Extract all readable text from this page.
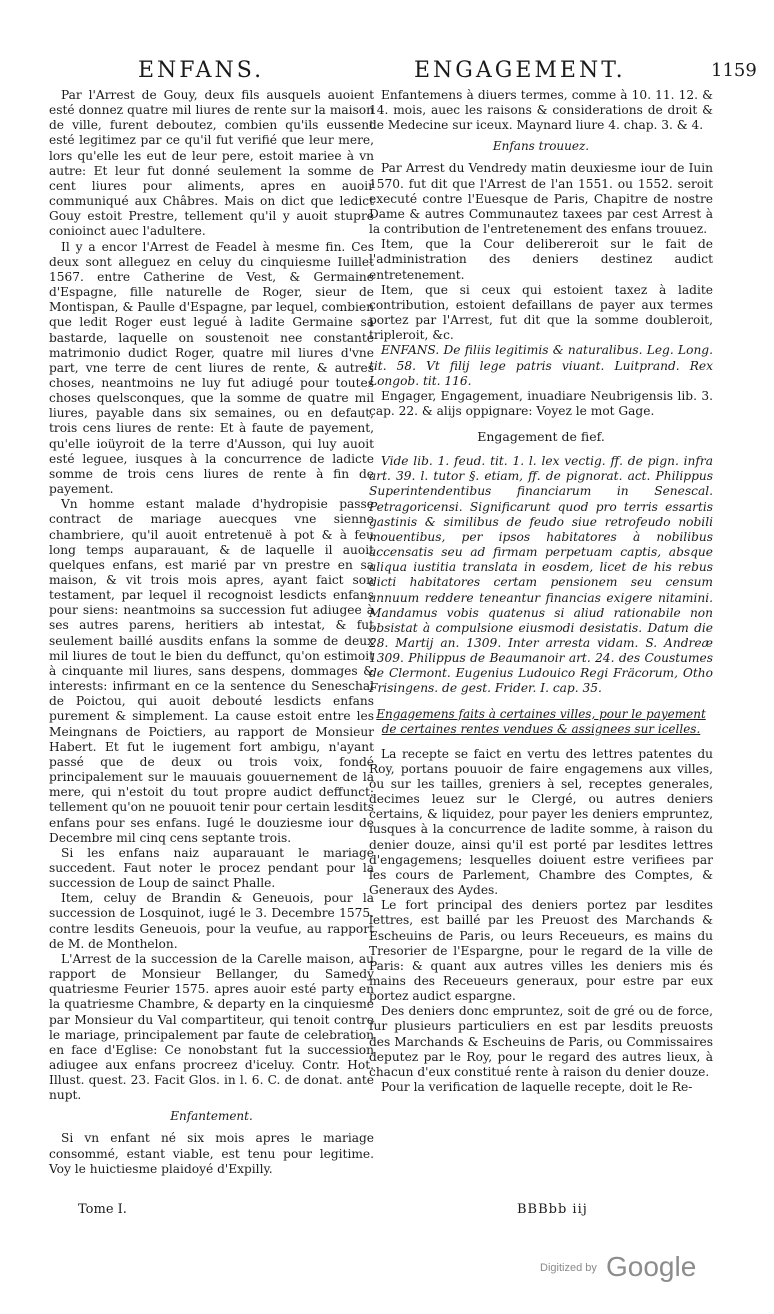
ENFANS.	ENGAGEMENT.	1159

Par l'Arrest de Gouy, deux fils ausquels auoient esté donnez quatre mil liures de rente sur la maison de ville, furent deboutez, combien qu'ils eussent esté legitimez par ce qu'il fut verifié que leur mere, lors qu'elle les eut de leur pere, estoit mariee à vn autre: Et leur fut donné seulement la somme de cent liures pour aliments, apres en auoir communiqué aux Châbres. Mais on dict que ledict Gouy estoit Prestre, tellement qu'il y auoit stupre conioinct auec l'adultere.

Il y a encor l'Arrest de Feadel à mesme fin. Ces deux sont alleguez en celuy du cinquiesme Iuillet 1567. entre Catherine de Vest, & Germaine d'Espagne, fille naturelle de Roger, sieur de Montispan, & Paulle d'Espagne, par lequel, combien que ledit Roger eust legué à ladite Germaine sa bastarde, laquelle on soustenoit nee constante matrimonio dudict Roger, quatre mil liures d'vne part, vne terre de cent liures de rente, & autres choses, neantmoins ne luy fut adiugé pour toutes choses quelsconques, que la somme de quatre mil liures, payable dans six semaines, ou en defaut, trois cens liures de rente: Et à faute de payement, qu'elle ioüyroit de la terre d'Ausson, qui luy auoit esté leguee, iusques à la concurrence de ladicte somme de trois cens liures de rente à fin de payement.

Vn homme estant malade d'hydropisie passe contract de mariage auecques vne sienne chambriere, qu'il auoit entretenuë à pot & à feu long temps auparauant, & de laquelle il auoit quelques enfans, est marié par vn prestre en sa maison, & vit trois mois apres, ayant faict son testament, par lequel il recognoist lesdicts enfans pour siens: neantmoins sa succession fut adiugee à ses autres parens, heritiers ab intestat, & fut seulement baillé ausdits enfans la somme de deux mil liures de tout le bien du deffunct, qu'on estimoit à cinquante mil liures, sans despens, dommages & interests: infirmant en ce la sentence du Seneschal de Poictou, qui auoit debouté lesdicts enfans purement & simplement. La cause estoit entre les Meingnans de Poictiers, au rapport de Monsieur Habert. Et fut le iugement fort ambigu, n'ayant passé que de deux ou trois voix, fondé principalement sur le mauuais gouuernement de la mere, qui n'estoit du tout propre audict deffunct: tellement qu'on ne pouuoit tenir pour certain lesdits enfans pour ses enfans. Iugé le douziesme iour de Decembre mil cinq cens septante trois.

Si les enfans naiz auparauant le mariage succedent. Faut noter le procez pendant pour la succession de Loup de sainct Phalle.

Item, celuy de Brandin & Geneuois, pour la succession de Losquinot, iugé le 3. Decembre 1575. contre lesdits Geneuois, pour la veufue, au rapport de M. de Monthelon.

L'Arrest de la succession de la Carelle maison, au rapport de Monsieur Bellanger, du Samedy quatriesme Feurier 1575. apres auoir esté party en la quatriesme Chambre, & departy en la cinquiesme par Monsieur du Val compartiteur, qui tenoit contre le mariage, principalement par faute de celebration en face d'Eglise: Ce nonobstant fut la succession adiugee aux enfans procreez d'iceluy. Contr. Hot. Illust. quest. 23. Facit Glos. in l. 6. C. de donat. ante nupt.

Enfantement.

Si vn enfant né six mois apres le mariage consommé, estant viable, est tenu pour legitime. Voy le huictiesme plaidoyé d'Expilly.

Enfantemens à diuers termes, comme à 10. 11. 12. & 14. mois, auec les raisons & considerations de droit & de Medecine sur iceux. Maynard liure 4. chap. 3. & 4.

Enfans trouuez.

Par Arrest du Vendredy matin deuxiesme iour de Iuin 1570. fut dit que l'Arrest de l'an 1551. ou 1552. seroit executé contre l'Euesque de Paris, Chapitre de nostre Dame & autres Communautez taxees par cest Arrest à la contribution de l'entretenement des enfans trouuez.

Item, que la Cour delibereroit sur le fait de l'administration des deniers destinez audict entretenement.

Item, que si ceux qui estoient taxez à ladite contribution, estoient defaillans de payer aux termes portez par l'Arrest, fut dit que la somme doubleroit, tripleroit, &c.

ENFANS. De filiis legitimis & naturalibus. Leg. Long. tit. 58. Vt filij lege patris viuant. Luitprand. Rex Longob. tit. 116.

Engager, Engagement, inuadiare Neubrigensis lib. 3. cap. 22. & alijs oppignare: Voyez le mot Gage.

Engagement de fief.

Vide lib. 1. feud. tit. 1. l. lex vectig. ff. de pign. infra art. 39. l. tutor §. etiam, ff. de pignorat. act. Philippus Superintendentibus financiarum in Senescal. Petragoricensi. Significarunt quod pro terris essartis gastinis & similibus de feudo siue retrofeudo nobili mouentibus, per ipsos habitatores à nobilibus accensatis seu ad firmam perpetuam captis, absque aliqua iustitia translata in eosdem, licet de his rebus dicti habitatores certam pensionem seu censum annuum reddere teneantur financias exigere nitamini. Mandamus vobis quatenus si aliud rationabile non obsistat à compulsione eiusmodi desistatis. Datum die 28. Martij an. 1309. Inter arresta vidam. S. Andreæ 1309. Philippus de Beaumanoir art. 24. des Coustumes de Clermont. Eugenius Ludouico Regi Fräcorum, Otho Frisingens. de gest. Frider. I. cap. 35.

Engagemens faits à certaines villes, pour le payement de certaines rentes vendues & assignees sur icelles.

La recepte se faict en vertu des lettres patentes du Roy, portans pouuoir de faire engagemens aux villes, ou sur les tailles, greniers à sel, receptes generales, decimes leuez sur le Clergé, ou autres deniers certains, & liquidez, pour payer les deniers empruntez, iusques à la concurrence de ladite somme, à raison du denier douze, ainsi qu'il est porté par lesdites lettres d'engagemens; lesquelles doiuent estre verifiees par les cours de Parlement, Chambre des Comptes, & Generaux des Aydes.

Le fort principal des deniers portez par lesdites lettres, est baillé par les Preuost des Marchands & Escheuins de Paris, ou leurs Receueurs, es mains du Tresorier de l'Espargne, pour le regard de la ville de Paris: & quant aux autres villes les deniers mis és mains des Receueurs generaux, pour estre par eux portez audict espargne.

Des deniers donc empruntez, soit de gré ou de force, fur plusieurs particuliers en est par lesdits preuosts des Marchands & Escheuins de Paris, ou Commissaires deputez par le Roy, pour le regard des autres lieux, à chacun d'eux constitué rente à raison du denier douze.

Pour la verification de laquelle recepte, doit le Re-

Tome I.	BBBbb iij
Digitized by Google
